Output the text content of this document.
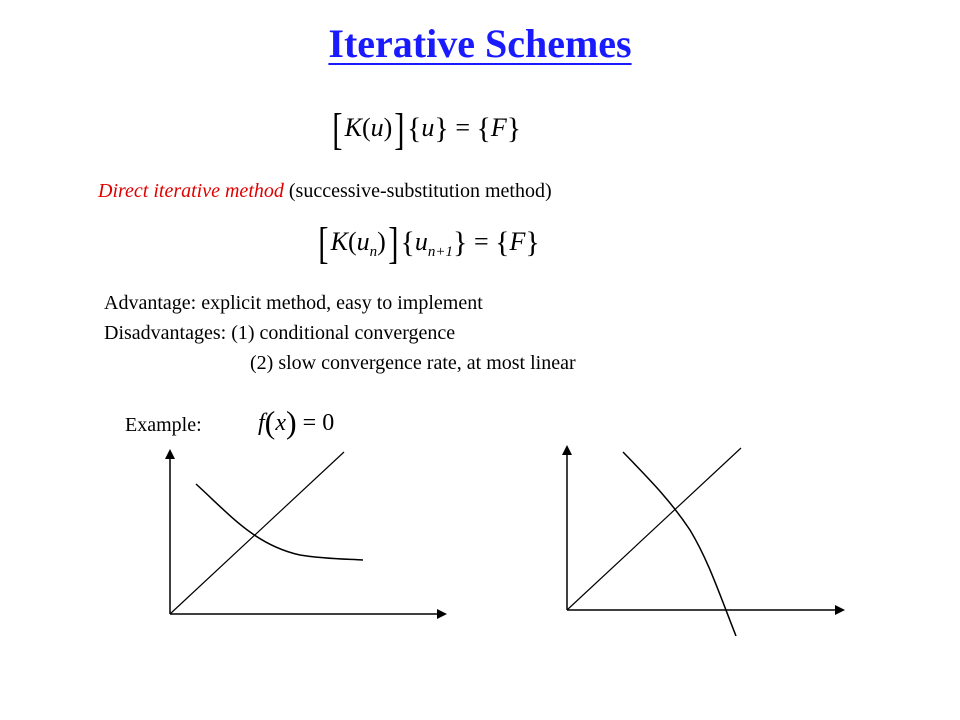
Iterative Schemes
[K(u)]{u} = {F}
Direct iterative method (successive-substitution method)
$[K(u_n)]\{u_{n+1}\} = \{F\}$
Advantage: explicit method, easy to implement
Disadvantages: (1) conditional convergence
(2) slow convergence rate, at most linear
Example: f(x) = 0
